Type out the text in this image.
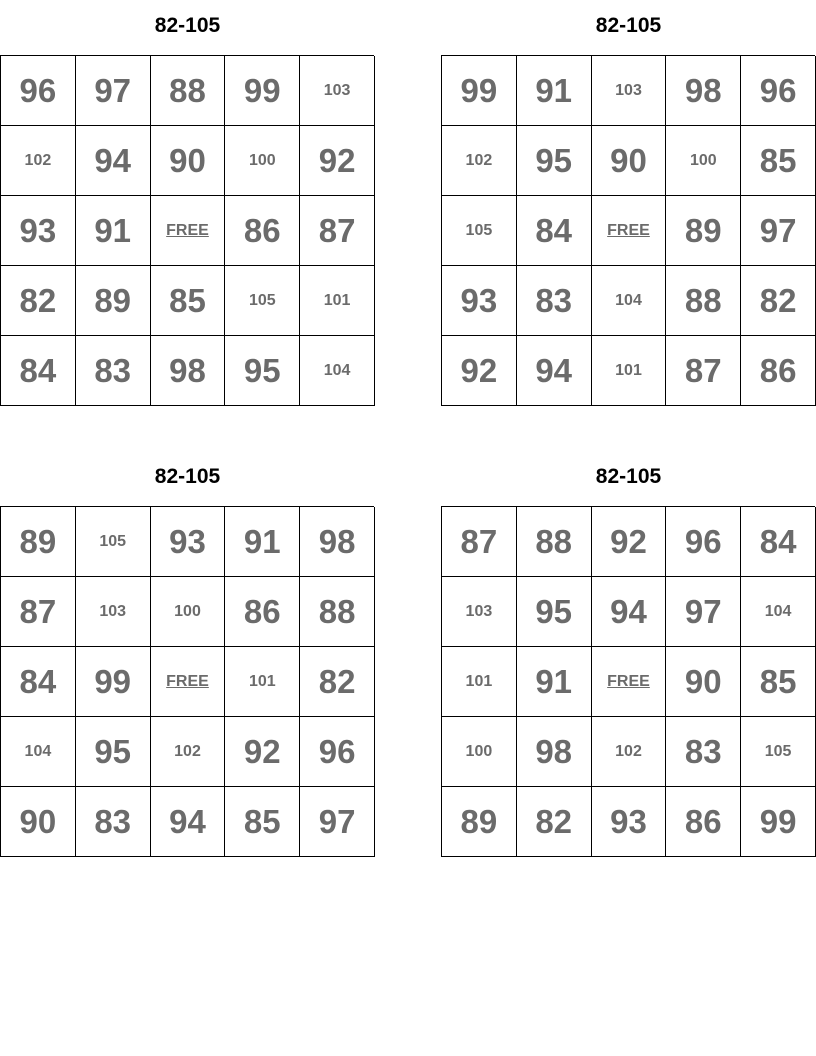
82-105
96	97	88	99	103
102	94	90	100	92
93	91	FREE	86	87
82	89	85	105	101
84	83	98	95	104
82-105
99	91	103	98	96
102	95	90	100	85
105	84	FREE	89	97
93	83	104	88	82
92	94	101	87	86
82-105
89	105	93	91	98
87	103	100	86	88
84	99	FREE	101	82
104	95	102	92	96
90	83	94	85	97
82-105
87	88	92	96	84
103	95	94	97	104
101	91	FREE	90	85
100	98	102	83	105
89	82	93	86	99
